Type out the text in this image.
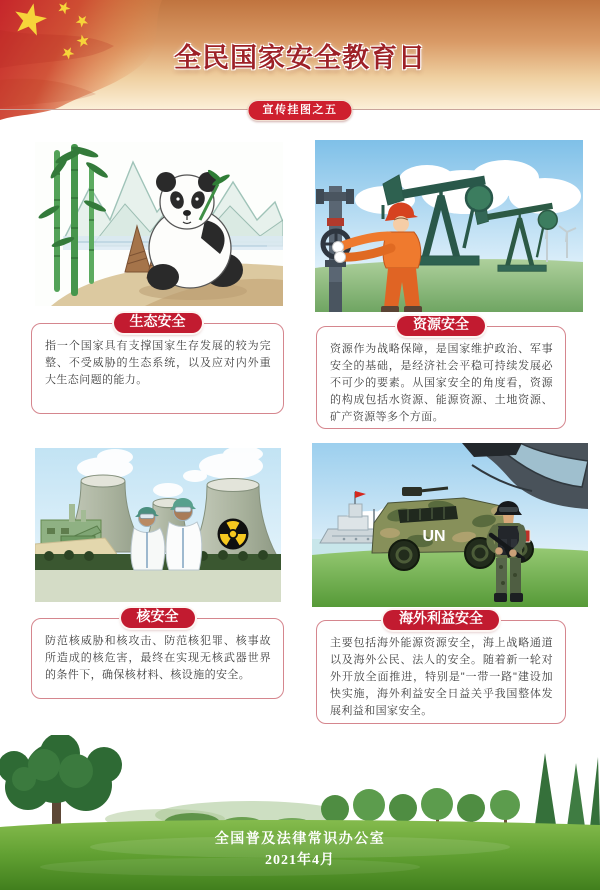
全民国家安全教育日
宣传挂图之五
生态安全

指一个国家具有支撑国家生存发展的较为完整、不受威胁的生态系统，以及应对内外重大生态问题的能力。

资源安全

资源作为战略保障，是国家维护政治、军事安全的基础，是经济社会平稳可持续发展必不可少的要素。从国家安全的角度看，资源的构成包括水资源、能源资源、土地资源、矿产资源等多个方面。

核安全

防范核威胁和核攻击、防范核犯罪、核事故所造成的核危害，最终在实现无核武器世界的条件下，确保核材料、核设施的安全。

UN
海外利益安全

主要包括海外能源资源安全，海上战略通道以及海外公民、法人的安全。随着新一轮对外开放全面推进，特别是"一带一路"建设加快实施，海外利益安全日益关乎我国整体发展利益和国家安全。

全国普及法律常识办公室
2021年4月
